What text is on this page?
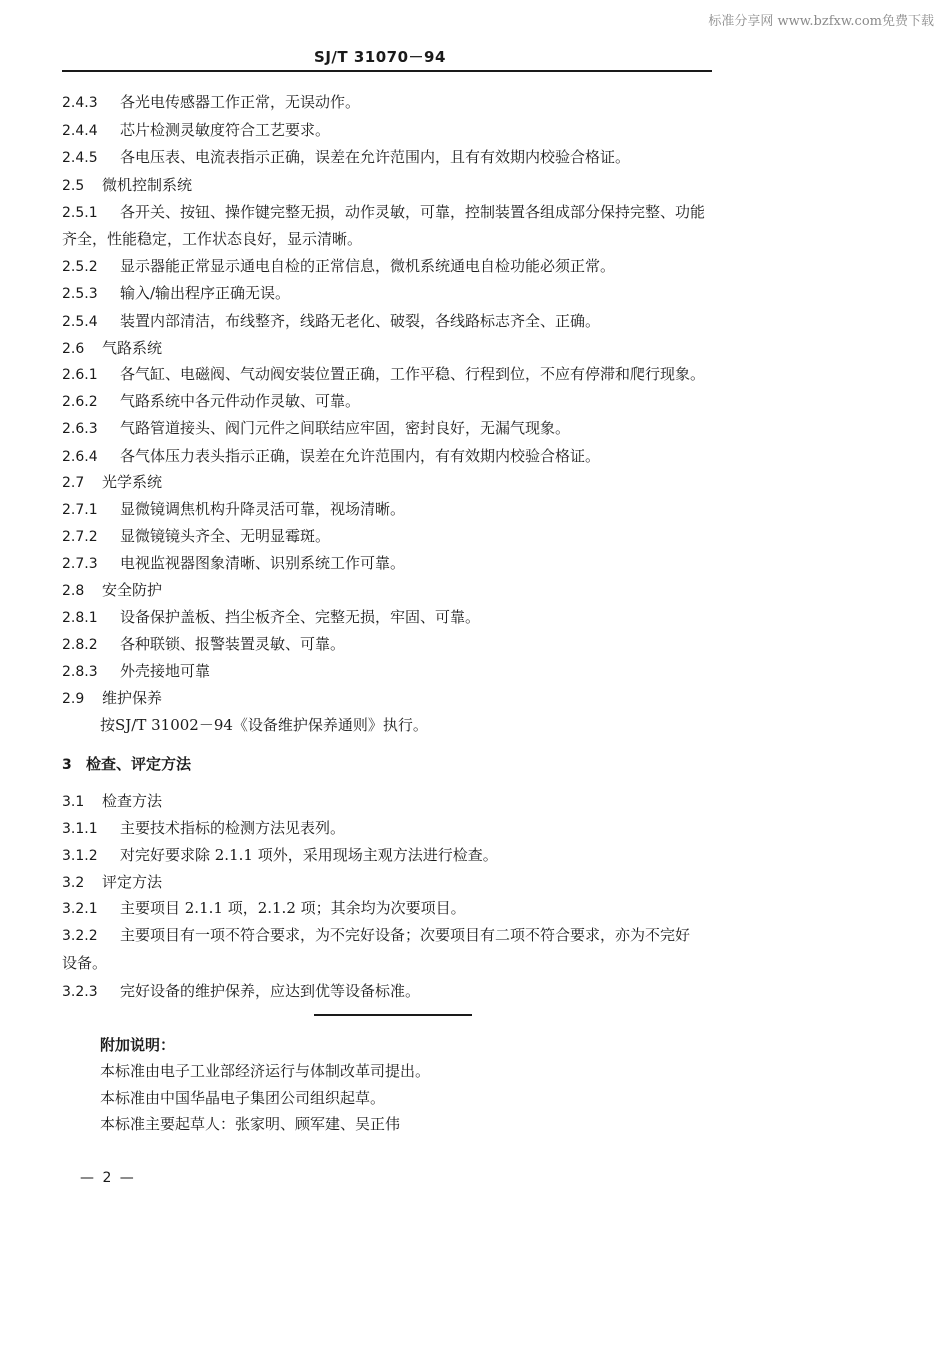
标准分享网 www.bzfxw.com免费下载
SJ/T 31070－94
2.4.3 各光电传感器工作正常，无误动作。
2.4.4 芯片检测灵敏度符合工艺要求。
2.4.5 各电压表、电流表指示正确，误差在允许范围内，且有有效期内校验合格证。
2.5 微机控制系统
2.5.1 各开关、按钮、操作键完整无损，动作灵敏，可靠，控制装置各组成部分保持完整、功能
齐全，性能稳定，工作状态良好，显示清晰。
2.5.2 显示器能正常显示通电自检的正常信息，微机系统通电自检功能必须正常。
2.5.3 输入/输出程序正确无误。
2.5.4 装置内部清洁，布线整齐，线路无老化、破裂，各线路标志齐全、正确。
2.6 气路系统
2.6.1 各气缸、电磁阀、气动阀安装位置正确，工作平稳、行程到位，不应有停滞和爬行现象。
2.6.2 气路系统中各元件动作灵敏、可靠。
2.6.3 气路管道接头、阀门元件之间联结应牢固，密封良好，无漏气现象。
2.6.4 各气体压力表头指示正确，误差在允许范围内，有有效期内校验合格证。
2.7 光学系统
2.7.1 显微镜调焦机构升降灵活可靠，视场清晰。
2.7.2 显微镜镜头齐全、无明显霉斑。
2.7.3 电视监视器图象清晰、识别系统工作可靠。
2.8 安全防护
2.8.1 设备保护盖板、挡尘板齐全、完整无损，牢固、可靠。
2.8.2 各种联锁、报警装置灵敏、可靠。
2.8.3 外壳接地可靠
2.9 维护保养
按SJ/T 31002－94《设备维护保养通则》执行。
3 检查、评定方法
3.1 检查方法
3.1.1 主要技术指标的检测方法见表列。
3.1.2 对完好要求除 2.1.1 项外，采用现场主观方法进行检查。
3.2 评定方法
3.2.1 主要项目 2.1.1 项，2.1.2 项；其余均为次要项目。
3.2.2 主要项目有一项不符合要求，为不完好设备；次要项目有二项不符合要求，亦为不完好
设备。
3.2.3 完好设备的维护保养，应达到优等设备标准。
附加说明：
本标准由电子工业部经济运行与体制改革司提出。
本标准由中国华晶电子集团公司组织起草。
本标准主要起草人：张家明、顾军建、吴正伟
— 2 —
